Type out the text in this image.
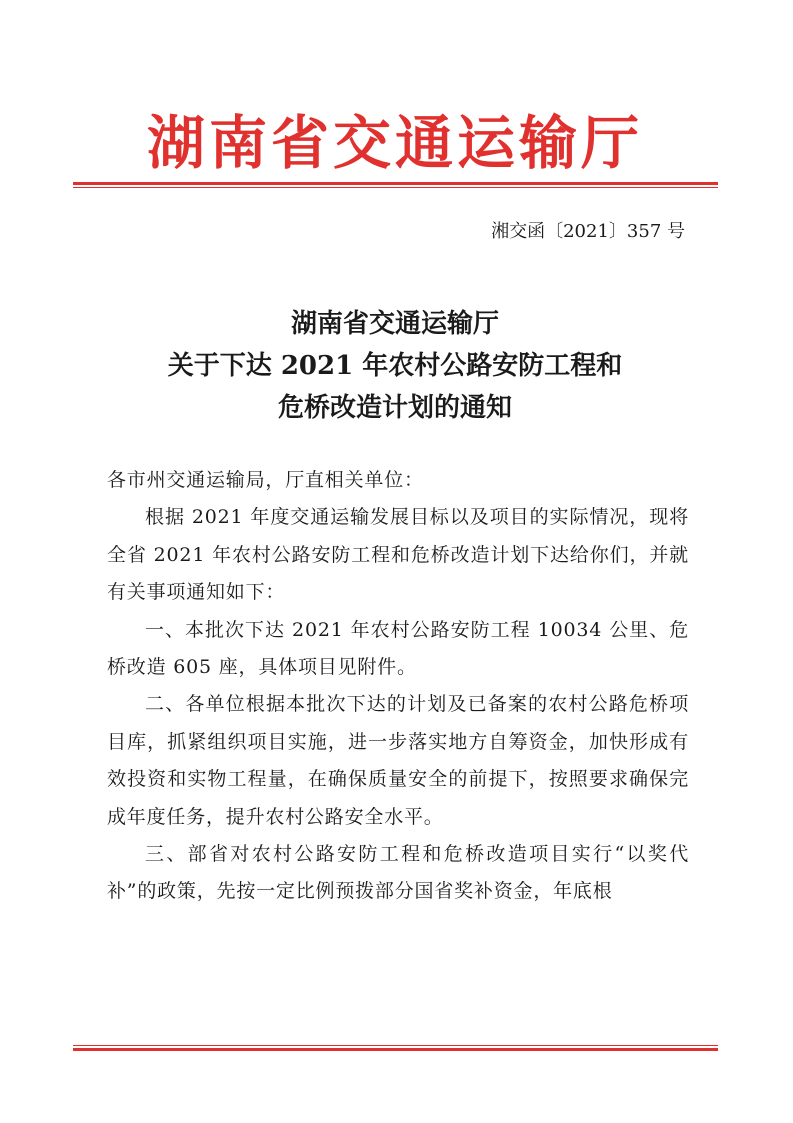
湖南省交通运输厅
湘交函〔2021〕357 号
湖南省交通运输厅
关于下达 2021 年农村公路安防工程和
危桥改造计划的通知

各市州交通运输局，厅直相关单位：

根据 2021 年度交通运输发展目标以及项目的实际情况，现将全省 2021 年农村公路安防工程和危桥改造计划下达给你们，并就有关事项通知如下：

一、本批次下达 2021 年农村公路安防工程 10034 公里、危桥改造 605 座，具体项目见附件。

二、各单位根据本批次下达的计划及已备案的农村公路危桥项目库，抓紧组织项目实施，进一步落实地方自筹资金，加快形成有效投资和实物工程量，在确保质量安全的前提下，按照要求确保完成年度任务，提升农村公路安全水平。

三、部省对农村公路安防工程和危桥改造项目实行“以奖代补”的政策，先按一定比例预拨部分国省奖补资金，年底根
